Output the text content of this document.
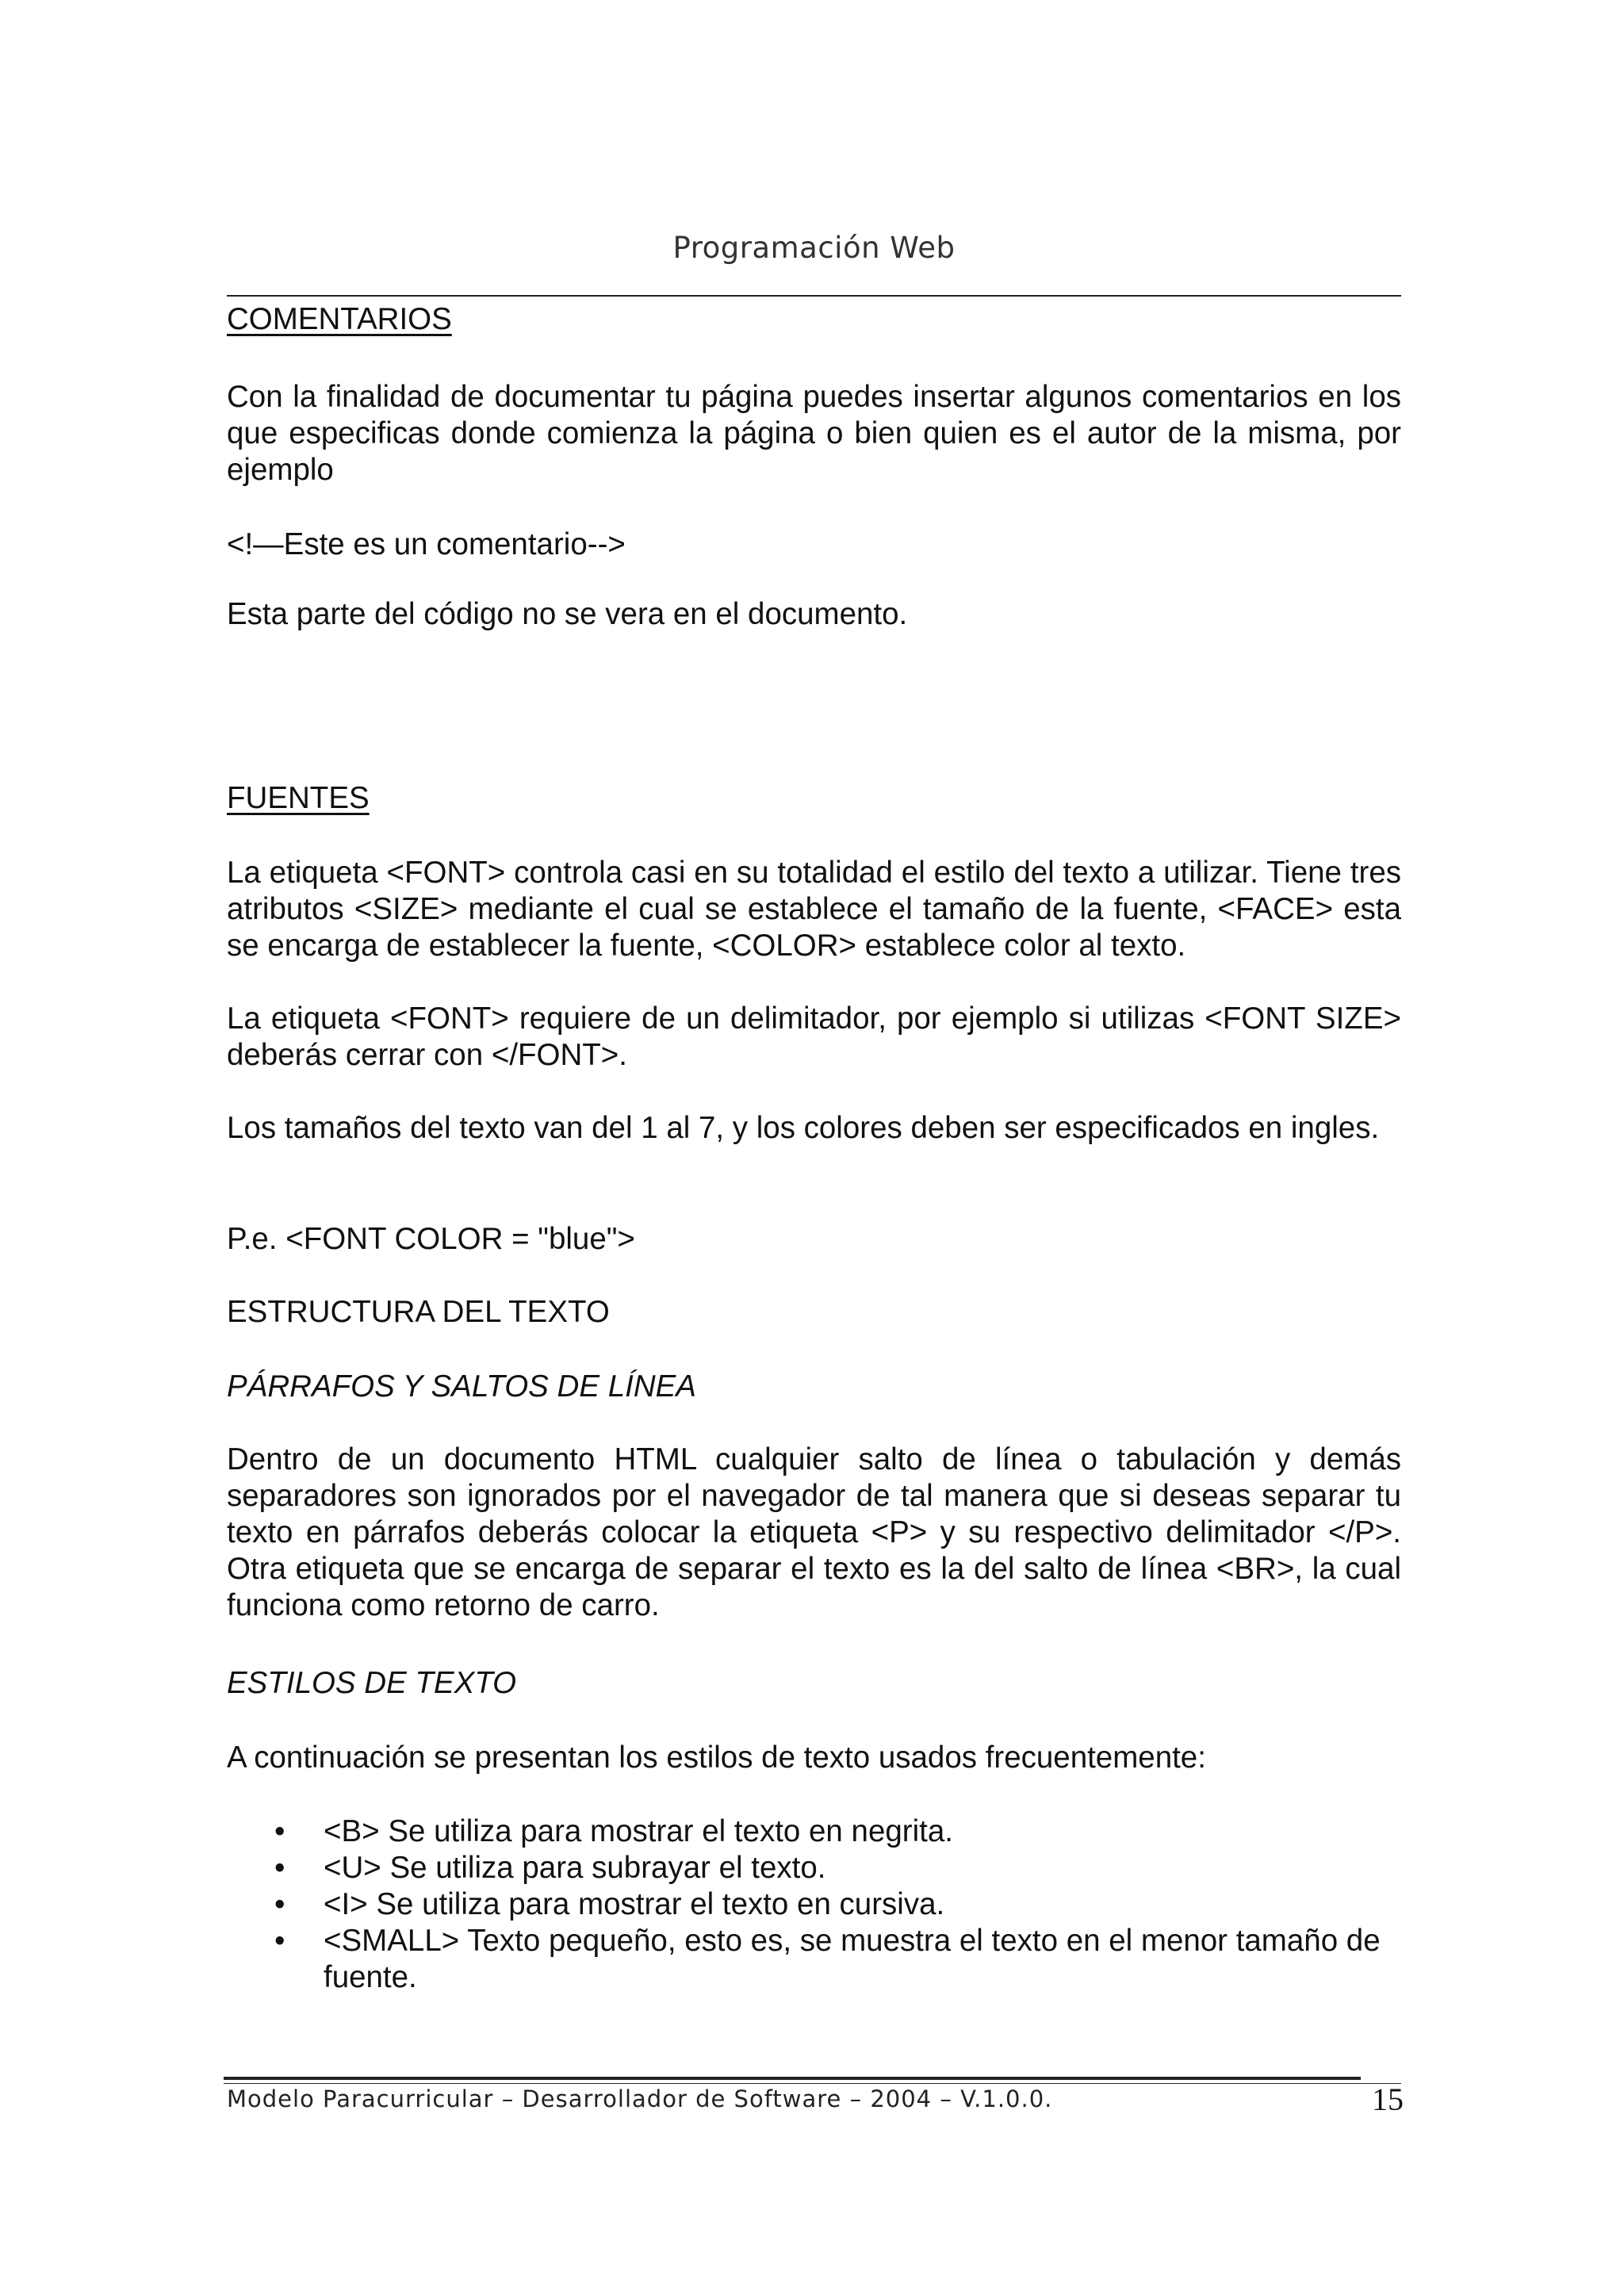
Programación Web

COMENTARIOS

Con la finalidad de documentar tu página puedes insertar algunos comentarios en los que especificas donde comienza la página o bien quien es el autor de la misma, por ejemplo

<!—Este es un comentario-->

Esta parte del código no se vera en el documento.

FUENTES

La etiqueta <FONT> controla casi en su totalidad el estilo del texto a utilizar. Tiene tres atributos <SIZE> mediante el cual se establece el tamaño de la fuente, <FACE> esta se encarga de establecer la fuente, <COLOR> establece color al texto.

La etiqueta <FONT> requiere de un delimitador, por ejemplo si utilizas <FONT SIZE> deberás cerrar con </FONT>.

Los tamaños del texto van del 1 al 7, y los colores deben ser especificados en ingles.

P.e. <FONT COLOR = "blue">

ESTRUCTURA DEL TEXTO

PÁRRAFOS Y SALTOS DE LÍNEA

Dentro de un documento HTML cualquier salto de línea o tabulación y demás separadores son ignorados por el navegador de tal manera que si deseas separar tu texto en párrafos deberás colocar la etiqueta <P> y su respectivo delimitador </P>. Otra etiqueta que se encarga de separar el texto es la del salto de línea <BR>, la cual funciona como retorno de carro.

ESTILOS DE TEXTO

A continuación se presentan los estilos de texto usados frecuentemente:

• <B> Se utiliza para mostrar el texto en negrita.
• <U> Se utiliza para subrayar el texto.
• <I> Se utiliza para mostrar el texto en cursiva.
• <SMALL> Texto pequeño, esto es, se muestra el texto en el menor tamaño de fuente.
Modelo Paracurricular – Desarrollador de Software – 2004 – V.1.0.0.	15
